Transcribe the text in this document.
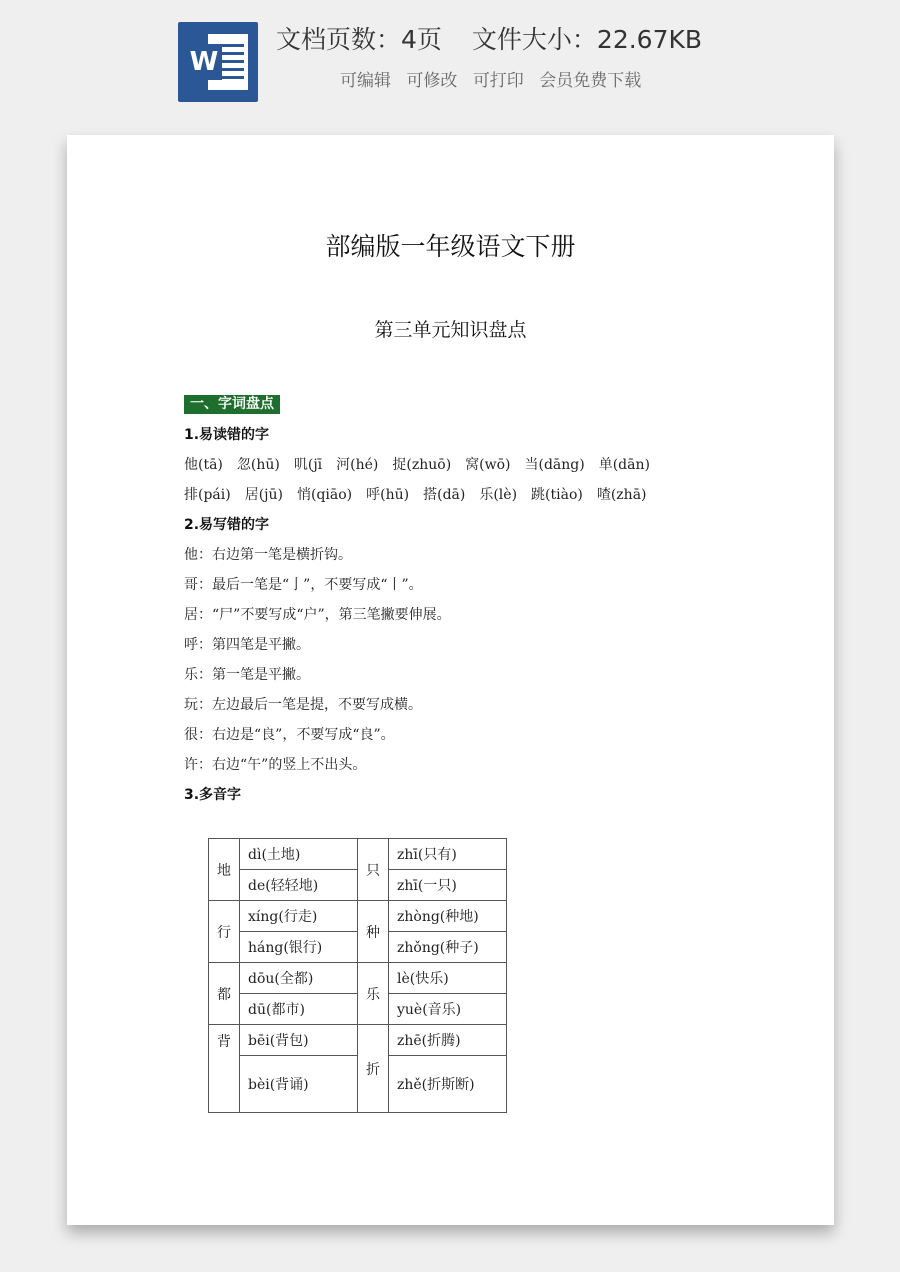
W
文档页数：4页 文件大小：22.67KB
可编辑 可修改 可打印 会员免费下载
部编版一年级语文下册
第三单元知识盘点
一、字词盘点
1.易读错的字
他(tā) 忽(hū) 叽(jī 河(hé) 捉(zhuō) 窝(wō) 当(dāng) 单(dān)
排(pái) 居(jū) 悄(qiāo) 呼(hū) 搭(dā) 乐(lè) 跳(tiào) 喳(zhā)
2.易写错的字
他：右边第一笔是横折钩。
哥：最后一笔是“亅”，不要写成“丨”。
居：“尸”不要写成“户”，第三笔撇要伸展。
呼：第四笔是平撇。
乐：第一笔是平撇。
玩：左边最后一笔是提，不要写成横。
很：右边是“良”，不要写成“良”。
许：右边“午”的竖上不出头。
3.多音字
地	dì(土地)	只	zhī(只有)
	de(轻轻地)		zhī(一只)
行	xíng(行走)	种	zhòng(种地)
	háng(银行)		zhǒng(种子)
都	dōu(全都)	乐	lè(快乐)
	dū(都市)		yuè(音乐)
背	bēi(背包)	折	zhē(折腾)
	bèi(背诵)		zhě(折斯断)
